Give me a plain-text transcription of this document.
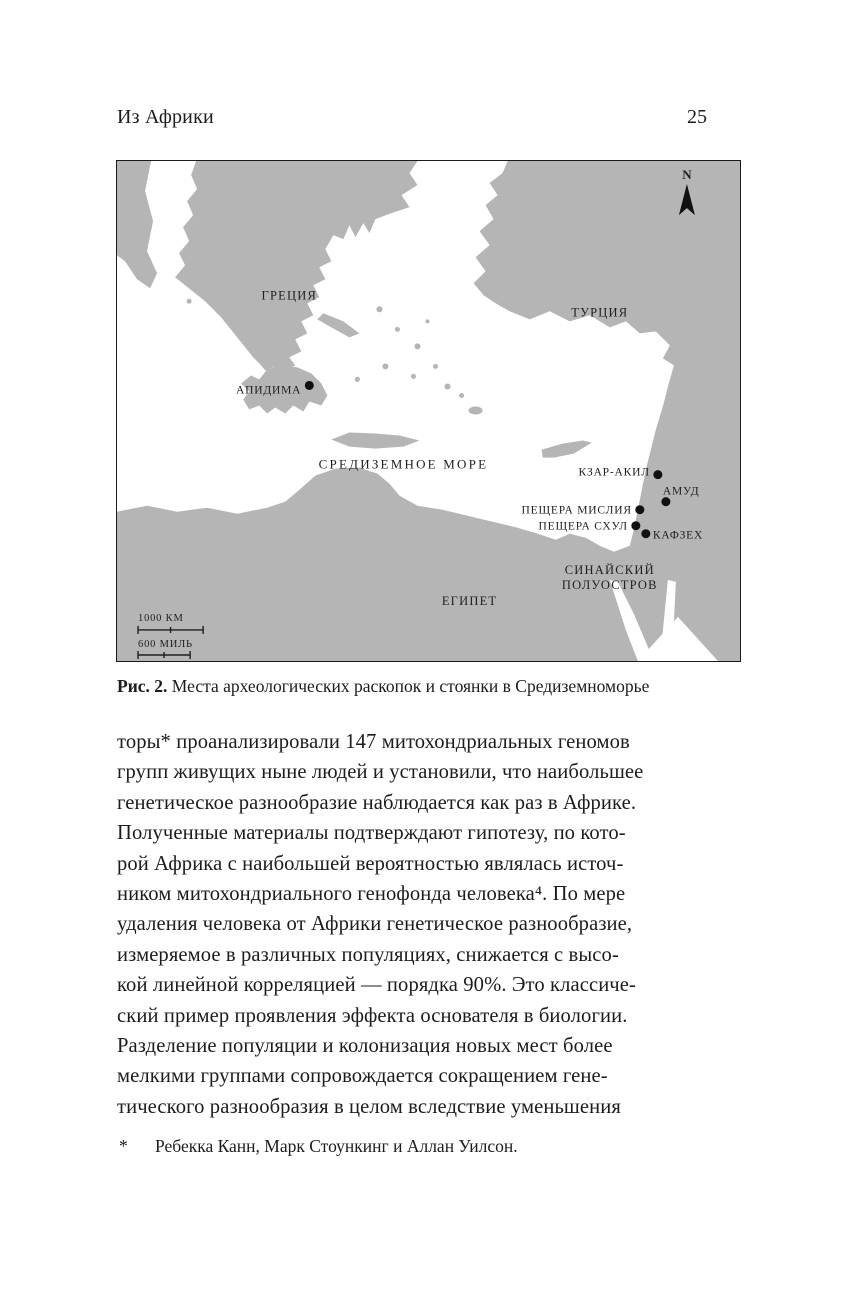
Из Африки	25
ГРЕЦИЯ
ТУРЦИЯ
СРЕДИЗЕМНОЕ МОРЕ
СИНАЙСКИЙ
ПОЛУОСТРОВ
ЕГИПЕТ
АПИДИМА
КЗАР-АКИЛ
АМУД
ПЕЩЕРА МИСЛИЯ
ПЕЩЕРА СХУЛ
КАФЗЕХ
1000 КМ
600 МИЛЬ
N
Рис. 2. Места археологических раскопок и стоянки в Средиземноморье
торы* проанализировали 147 митохондриальных геномов
групп живущих ныне людей и установили, что наибольшее
генетическое разнообразие наблюдается как раз в Африке.
Полученные материалы подтверждают гипотезу, по кото-
рой Африка с наибольшей вероятностью являлась источ-
ником митохондриального генофонда человека⁴. По мере
удаления человека от Африки генетическое разнообразие,
измеряемое в различных популяциях, снижается с высо-
кой линейной корреляцией — порядка 90%. Это классиче-
ский пример проявления эффекта основателя в биологии.
Разделение популяции и колонизация новых мест более
мелкими группами сопровождается сокращением гене-
тического разнообразия в целом вследствие уменьшения
* Ребекка Канн, Марк Стоункинг и Аллан Уилсон.
